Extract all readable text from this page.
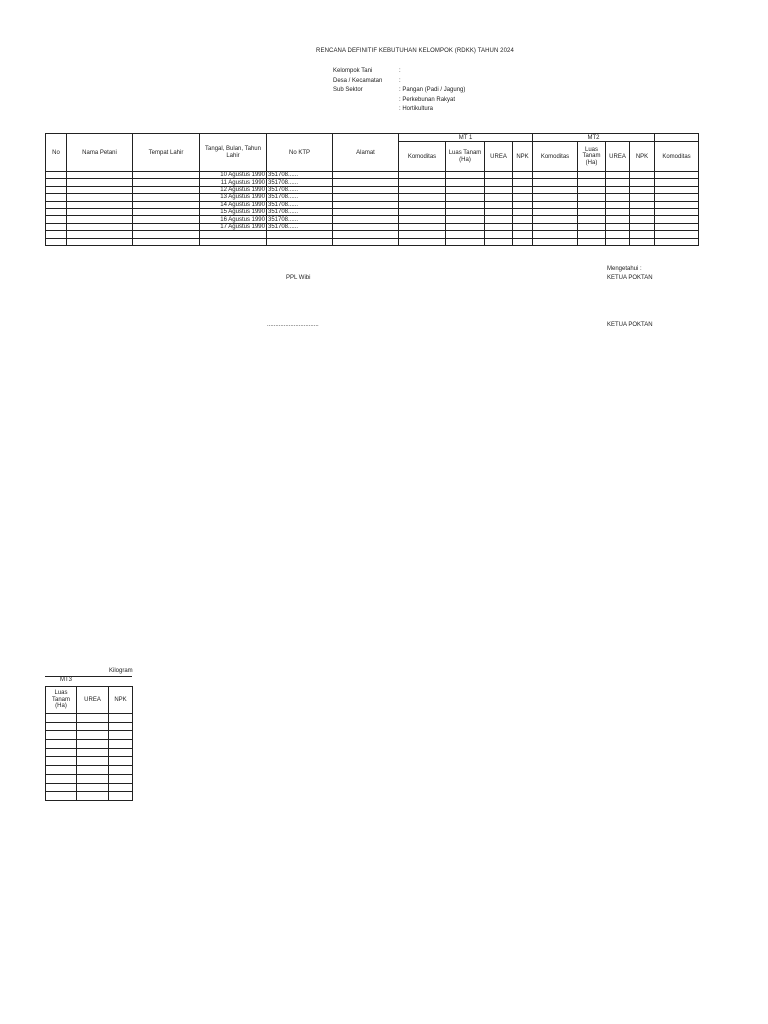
RENCANA DEFINITIF KEBUTUHAN KELOMPOK (RDKK) TAHUN 2024
Kelompok Tani	:
Desa / Kecamatan	:
Sub Sektor	: Pangan (Padi / Jagung)
: Perkebunan Rakyat
: Hortikultura
No	Nama Petani	Tempat Lahir	Tangal, Bulan, Tahun Lahir	No KTP	Alamat	MT 1				MT2				
						Komoditas	Luas Tanam (Ha)	UREA	NPK	Komoditas	Luas Tanam (Ha)	UREA	NPK	Komoditas
			10 Agustus 1990	351708......										
			11 Agustus 1990	351708......										
			12 Agustus 1990	351708......										
			13 Agustus 1990	351708......										
			14 Agustus 1990	351708......										
			15 Agustus 1990	351708......										
			16 Agustus 1990	351708......										
			17 Agustus 1990	351708......										

Mengetahui :
KETUA POKTAN
PPL Wibi
...............................	KETUA POKTAN
Kilogram
MT3
Luas Tanam (Ha)	UREA	NPK
